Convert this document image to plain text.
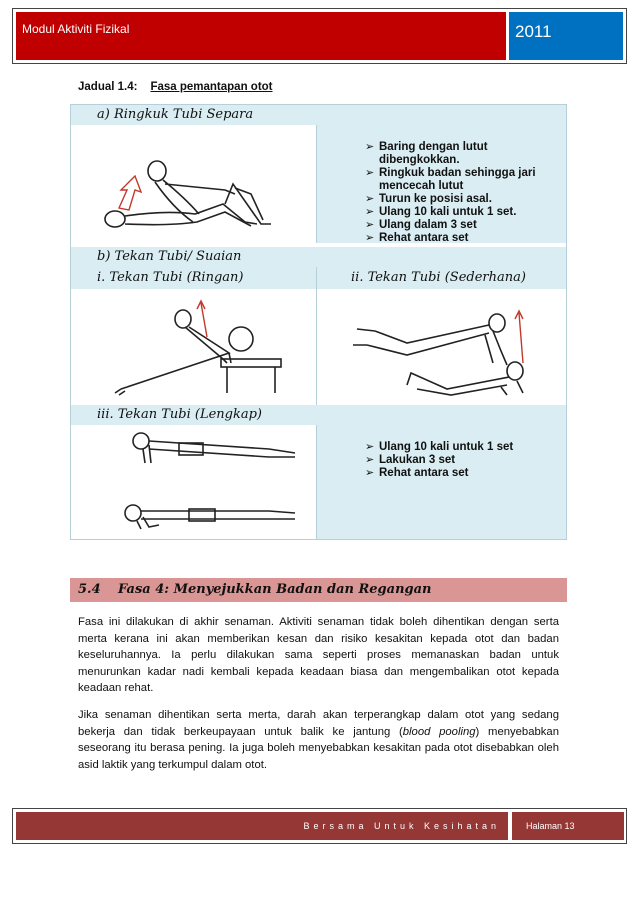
Modul Aktiviti Fizikal	2011
Jadual 1.4: Fasa pemantapan otot
a) Ringkuk Tubi Separa
➢ Baring dengan lutut dibengkokkan.
➢ Ringkuk badan sehingga jari mencecah lutut
➢ Turun ke posisi asal.
➢ Ulang 10 kali untuk 1 set.
➢ Ulang dalam 3 set
➢ Rehat antara set
b) Tekan Tubi/ Suaian
i. Tekan Tubi (Ringan)	ii. Tekan Tubi (Sederhana)
iii. Tekan Tubi (Lengkap)
➢ Ulang 10 kali untuk 1 set
➢ Lakukan 3 set
➢ Rehat antara set
5.4 Fasa 4: Menyejukkan Badan dan Regangan
Fasa ini dilakukan di akhir senaman. Aktiviti senaman tidak boleh dihentikan dengan serta merta kerana ini akan memberikan kesan dan risiko kesakitan kepada otot dan badan keseluruhannya. Ia perlu dilakukan sama seperti proses memanaskan badan untuk menurunkan kadar nadi kembali kepada keadaan biasa dan mengembalikan otot kepada keadaan rehat.
Jika senaman dihentikan serta merta, darah akan terperangkap dalam otot yang sedang bekerja dan tidak berkeupayaan untuk balik ke jantung (blood pooling) menyebabkan seseorang itu berasa pening. Ia juga boleh menyebabkan kesakitan pada otot disebabkan oleh asid laktik yang terkumpul dalam otot.
Bersama Untuk Kesihatan	Halaman 13
